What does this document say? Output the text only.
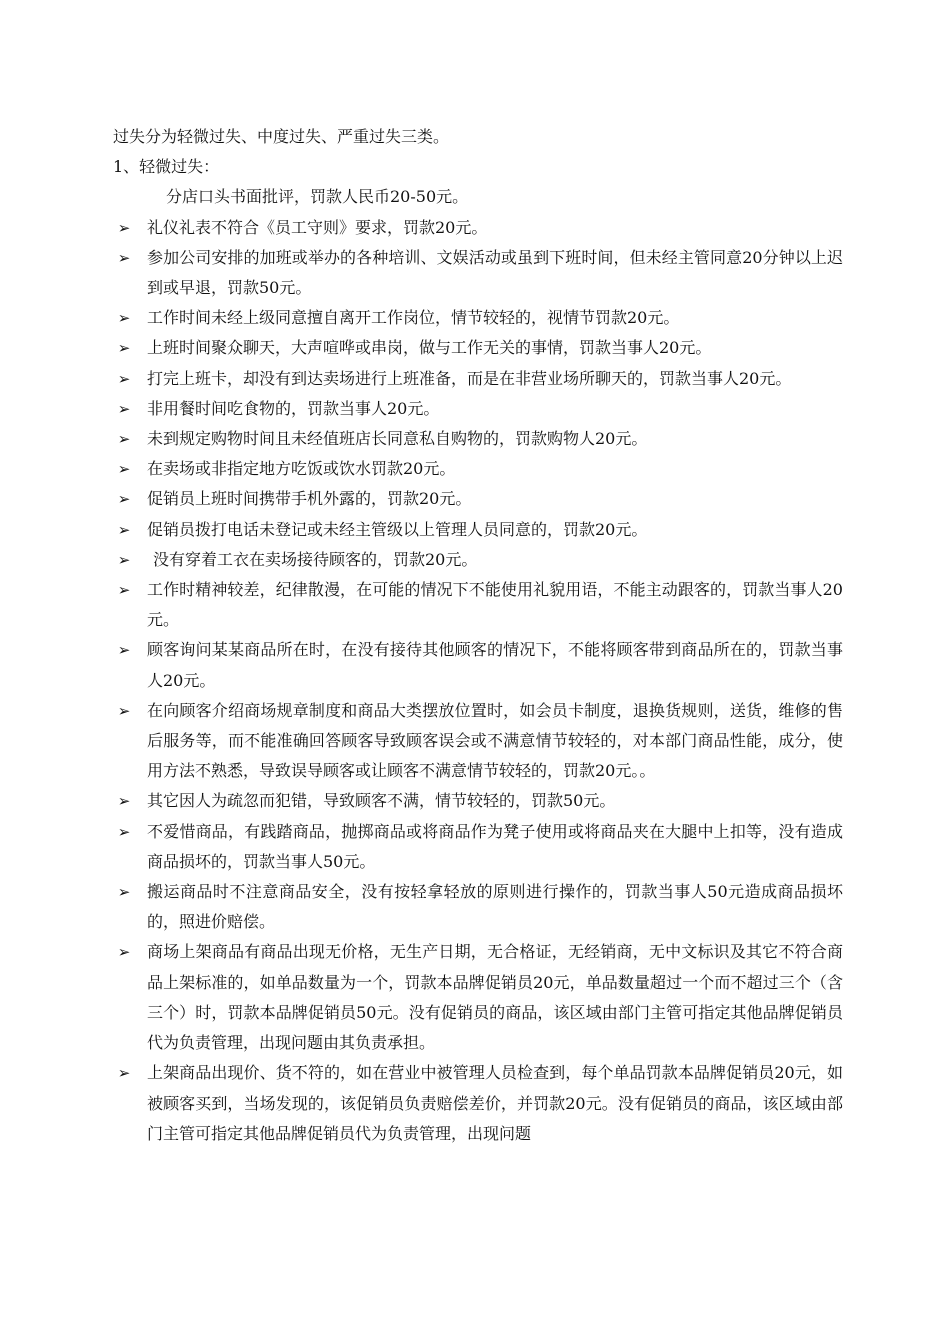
过失分为轻微过失、中度过失、严重过失三类。

1、轻微过失：

分店口头书面批评，罚款人民币20-50元。

➢ 礼仪礼表不符合《员工守则》要求，罚款20元。
➢ 参加公司安排的加班或举办的各种培训、文娱活动或虽到下班时间，但未经主管同意20分钟以上迟到或早退，罚款50元。
➢ 工作时间未经上级同意擅自离开工作岗位，情节较轻的，视情节罚款20元。
➢ 上班时间聚众聊天，大声喧哗或串岗，做与工作无关的事情，罚款当事人20元。
➢ 打完上班卡，却没有到达卖场进行上班准备，而是在非营业场所聊天的，罚款当事人20元。
➢ 非用餐时间吃食物的，罚款当事人20元。
➢ 未到规定购物时间且未经值班店长同意私自购物的，罚款购物人20元。
➢ 在卖场或非指定地方吃饭或饮水罚款20元。
➢ 促销员上班时间携带手机外露的，罚款20元。
➢ 促销员拨打电话未登记或未经主管级以上管理人员同意的，罚款20元。
➢	没有穿着工衣在卖场接待顾客的，罚款20元。
➢ 工作时精神较差，纪律散漫，在可能的情况下不能使用礼貌用语，不能主动跟客的，罚款当事人20元。
➢ 顾客询问某某商品所在时，在没有接待其他顾客的情况下，不能将顾客带到商品所在的，罚款当事人20元。
➢ 在向顾客介绍商场规章制度和商品大类摆放位置时，如会员卡制度，退换货规则，送货，维修的售后服务等，而不能准确回答顾客导致顾客误会或不满意情节较轻的，对本部门商品性能，成分，使用方法不熟悉，导致误导顾客或让顾客不满意情节较轻的，罚款20元。。
➢ 其它因人为疏忽而犯错，导致顾客不满，情节较轻的，罚款50元。
➢ 不爱惜商品，有践踏商品，抛掷商品或将商品作为凳子使用或将商品夹在大腿中上扣等，没有造成商品损坏的，罚款当事人50元。
➢ 搬运商品时不注意商品安全，没有按轻拿轻放的原则进行操作的，罚款当事人50元造成商品损坏的，照进价赔偿。
➢ 商场上架商品有商品出现无价格，无生产日期，无合格证，无经销商，无中文标识及其它不符合商品上架标准的，如单品数量为一个，罚款本品牌促销员20元，单品数量超过一个而不超过三个（含三个）时，罚款本品牌促销员50元。没有促销员的商品，该区域由部门主管可指定其他品牌促销员代为负责管理，出现问题由其负责承担。
➢ 上架商品出现价、货不符的，如在营业中被管理人员检查到，每个单品罚款本品牌促销员20元，如被顾客买到，当场发现的，该促销员负责赔偿差价，并罚款20元。没有促销员的商品，该区域由部门主管可指定其他品牌促销员代为负责管理，出现问题
